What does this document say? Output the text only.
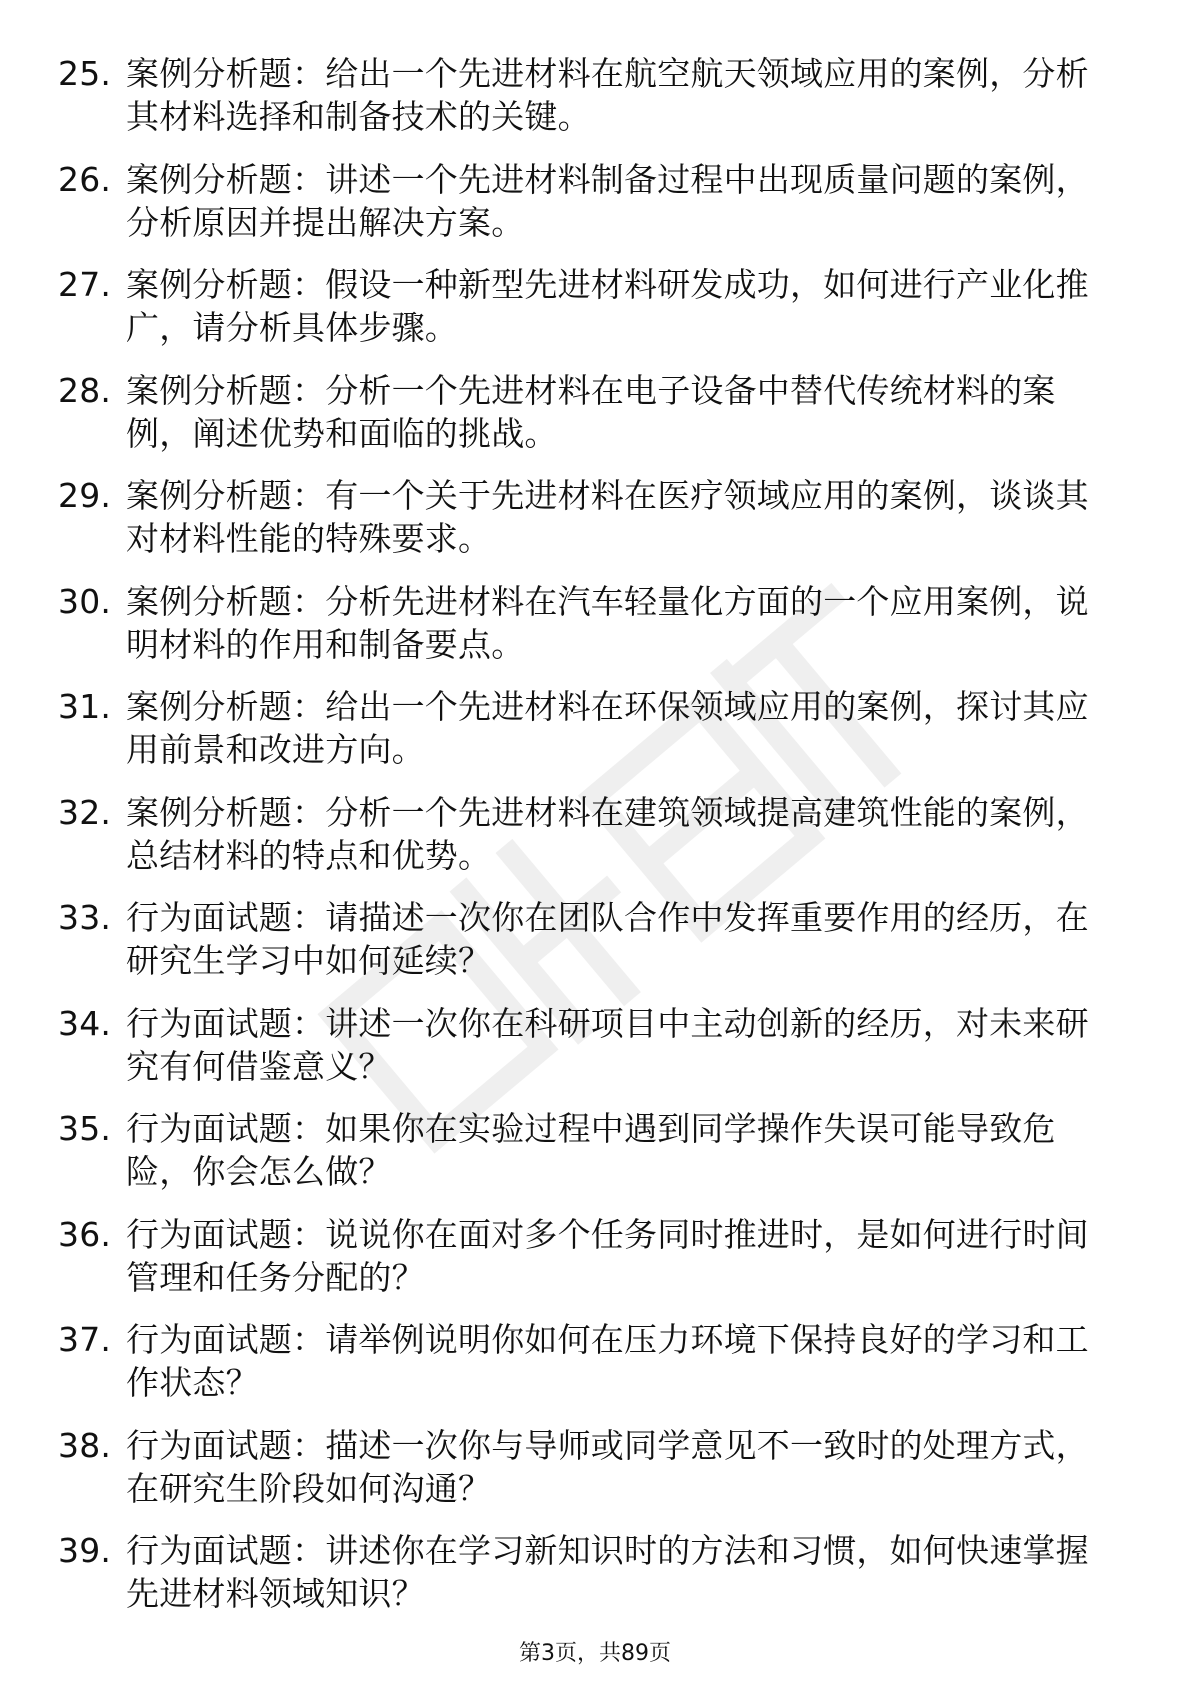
25. 案例分析题：给出一个先进材料在航空航天领域应用的案例，分析其材料选择和制备技术的关键。
26. 案例分析题：讲述一个先进材料制备过程中出现质量问题的案例，分析原因并提出解决方案。
27. 案例分析题：假设一种新型先进材料研发成功，如何进行产业化推广，请分析具体步骤。
28. 案例分析题：分析一个先进材料在电子设备中替代传统材料的案例，阐述优势和面临的挑战。
29. 案例分析题：有一个关于先进材料在医疗领域应用的案例，谈谈其对材料性能的特殊要求。
30. 案例分析题：分析先进材料在汽车轻量化方面的一个应用案例，说明材料的作用和制备要点。
31. 案例分析题：给出一个先进材料在环保领域应用的案例，探讨其应用前景和改进方向。
32. 案例分析题：分析一个先进材料在建筑领域提高建筑性能的案例，总结材料的特点和优势。
33. 行为面试题：请描述一次你在团队合作中发挥重要作用的经历，在研究生学习中如何延续？
34. 行为面试题：讲述一次你在科研项目中主动创新的经历，对未来研究有何借鉴意义？
35. 行为面试题：如果你在实验过程中遇到同学操作失误可能导致危险，你会怎么做？
36. 行为面试题：说说你在面对多个任务同时推进时，是如何进行时间管理和任务分配的？
37. 行为面试题：请举例说明你如何在压力环境下保持良好的学习和工作状态？
38. 行为面试题：描述一次你与导师或同学意见不一致时的处理方式，在研究生阶段如何沟通？
39. 行为面试题：讲述你在学习新知识时的方法和习惯，如何快速掌握先进材料领域知识？
第3页，共89页
